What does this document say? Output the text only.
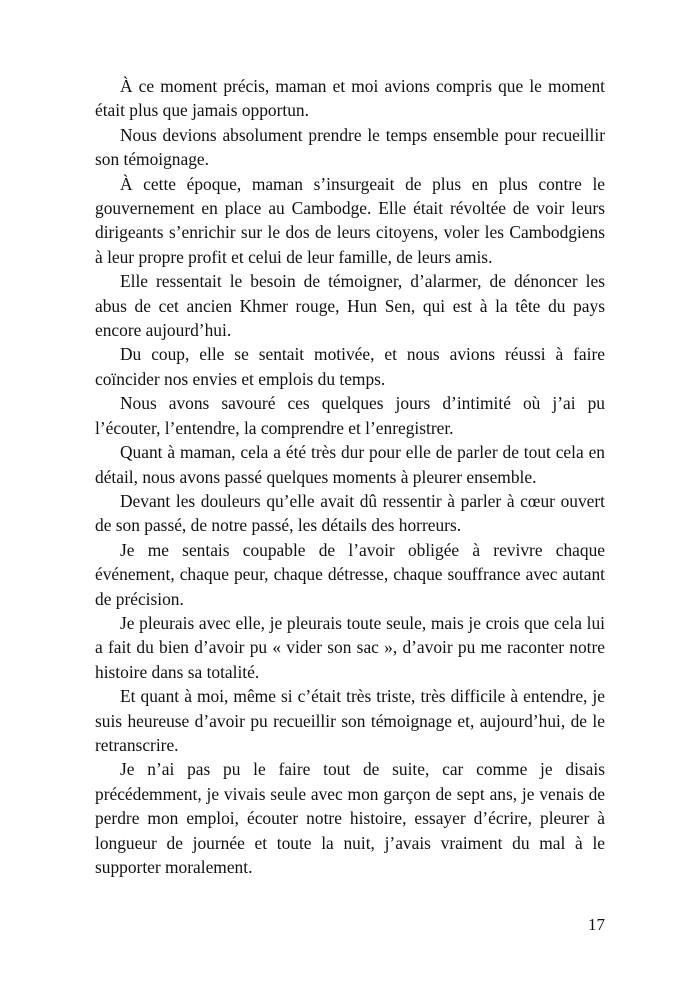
À ce moment précis, maman et moi avions compris que le moment était plus que jamais opportun.

Nous devions absolument prendre le temps ensemble pour recueillir son témoignage.

À cette époque, maman s’insurgeait de plus en plus contre le gouvernement en place au Cambodge. Elle était révoltée de voir leurs dirigeants s’enrichir sur le dos de leurs citoyens, voler les Cambodgiens à leur propre profit et celui de leur famille, de leurs amis.

Elle ressentait le besoin de témoigner, d’alarmer, de dénoncer les abus de cet ancien Khmer rouge, Hun Sen, qui est à la tête du pays encore aujourd’hui.

Du coup, elle se sentait motivée, et nous avions réussi à faire coïncider nos envies et emplois du temps.

Nous avons savouré ces quelques jours d’intimité où j’ai pu l’écouter, l’entendre, la comprendre et l’enregistrer.

Quant à maman, cela a été très dur pour elle de parler de tout cela en détail, nous avons passé quelques moments à pleurer ensemble.

Devant les douleurs qu’elle avait dû ressentir à parler à cœur ouvert de son passé, de notre passé, les détails des horreurs.

Je me sentais coupable de l’avoir obligée à revivre chaque événement, chaque peur, chaque détresse, chaque souffrance avec autant de précision.

Je pleurais avec elle, je pleurais toute seule, mais je crois que cela lui a fait du bien d’avoir pu « vider son sac », d’avoir pu me raconter notre histoire dans sa totalité.

Et quant à moi, même si c’était très triste, très difficile à entendre, je suis heureuse d’avoir pu recueillir son témoignage et, aujourd’hui, de le retranscrire.

Je n’ai pas pu le faire tout de suite, car comme je disais précédemment, je vivais seule avec mon garçon de sept ans, je venais de perdre mon emploi, écouter notre histoire, essayer d’écrire, pleurer à longueur de journée et toute la nuit, j’avais vraiment du mal à le supporter moralement.

17
